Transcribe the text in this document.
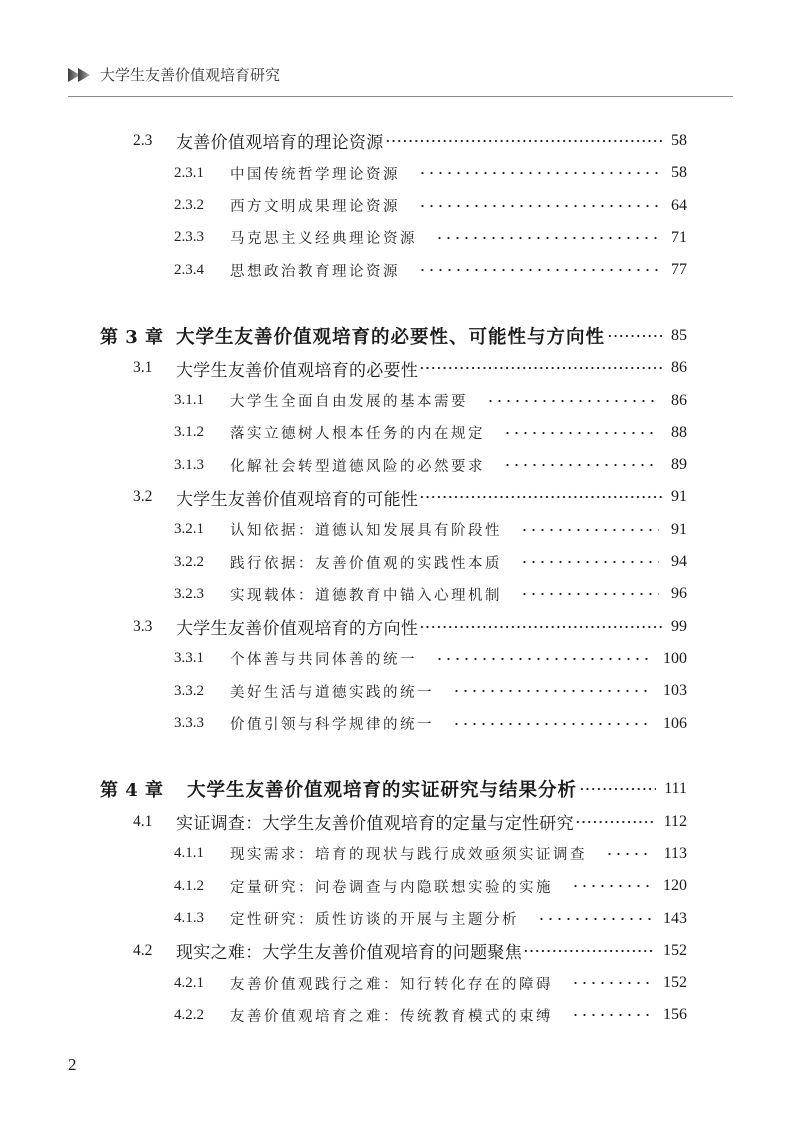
大学生友善价值观培育研究
2.3	友善价值观培育的理论资源	58
2.3.1	中国传统哲学理论资源	58
2.3.2	西方文明成果理论资源	64
2.3.3	马克思主义经典理论资源	71
2.3.4	思想政治教育理论资源	77
第 3 章 大学生友善价值观培育的必要性、可能性与方向性	85
3.1	大学生友善价值观培育的必要性	86
3.1.1	大学生全面自由发展的基本需要	86
3.1.2	落实立德树人根本任务的内在规定	88
3.1.3	化解社会转型道德风险的必然要求	89
3.2	大学生友善价值观培育的可能性	91
3.2.1	认知依据：道德认知发展具有阶段性	91
3.2.2	践行依据：友善价值观的实践性本质	94
3.2.3	实现载体：道德教育中锚入心理机制	96
3.3	大学生友善价值观培育的方向性	99
3.3.1	个体善与共同体善的统一	100
3.3.2	美好生活与道德实践的统一	103
3.3.3	价值引领与科学规律的统一	106
第 4 章	大学生友善价值观培育的实证研究与结果分析	111
4.1	实证调查：大学生友善价值观培育的定量与定性研究	112
4.1.1	现实需求：培育的现状与践行成效亟须实证调查	113
4.1.2	定量研究：问卷调查与内隐联想实验的实施	120
4.1.3	定性研究：质性访谈的开展与主题分析	143
4.2	现实之难：大学生友善价值观培育的问题聚焦	152
4.2.1	友善价值观践行之难：知行转化存在的障碍	152
4.2.2	友善价值观培育之难：传统教育模式的束缚	156
2
